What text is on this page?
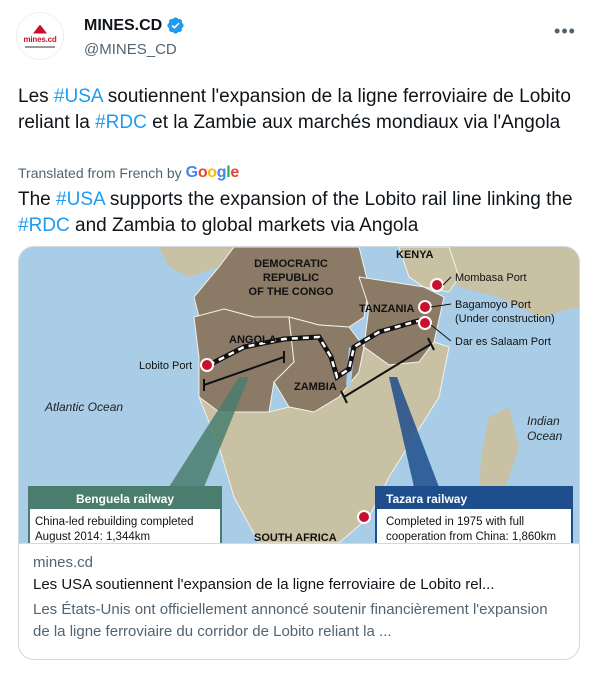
mines.cd
MINES.CD
@MINES_CD
•••
Les #USA soutiennent l'expansion de la ligne ferroviaire de Lobito reliant la #RDC et la Zambie aux marchés mondiaux via l'Angola
Translated from French by Google
The #USA supports the expansion of the Lobito rail line linking the #RDC and Zambia to global markets via Angola
DEMOCRATIC
REPUBLIC
OF THE CONGO
KENYA
TANZANIA
ANGOLA
ZAMBIA
SOUTH AFRICA
Atlantic Ocean
Indian
Ocean
Lobito Port
Mombasa Port
Bagamoyo Port
(Under construction)
Dar es Salaam Port
Benguela railway
China-led rebuilding completed
August 2014: 1,344km
Tazara railway
Completed in 1975 with full
cooperation from China: 1,860km
mines.cd
Les USA soutiennent l'expansion de la ligne ferroviaire de Lobito rel...
Les États-Unis ont officiellement annoncé soutenir financièrement l'expansion de la ligne ferroviaire du corridor de Lobito reliant la ...
